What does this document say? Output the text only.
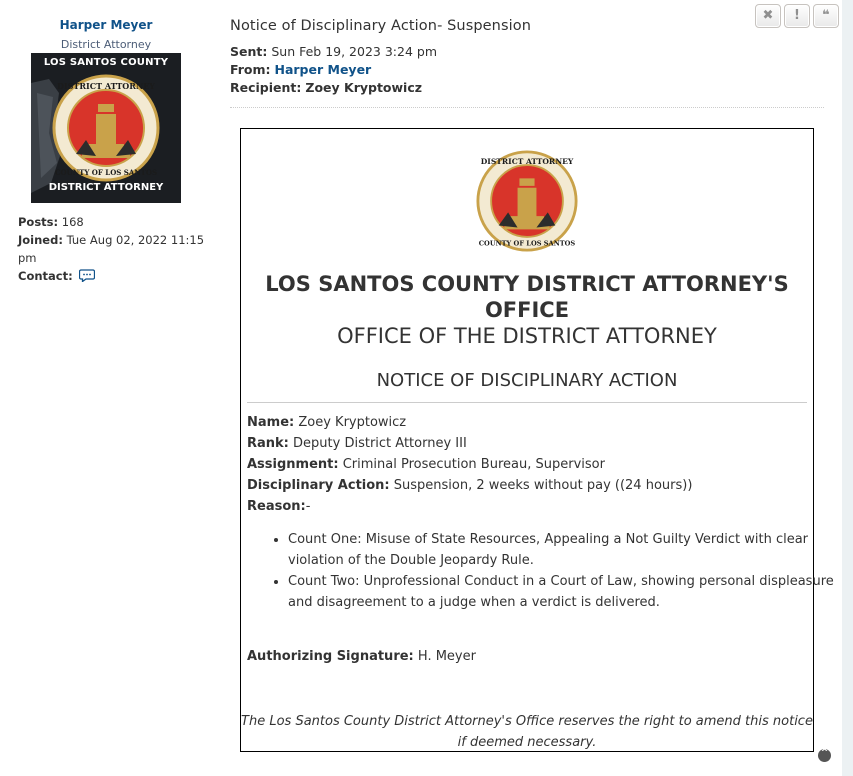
Harper Meyer
District Attorney
LOS SANTOS COUNTY
DISTRICT ATTORNEY
COUNTY OF LOS SANTOS
DISTRICT ATTORNEY
Posts: 168
Joined: Tue Aug 02, 2022 11:15
pm
Contact:
Notice of Disciplinary Action- Suspension
Sent: Sun Feb 19, 2023 3:24 pm
From: Harper Meyer
Recipient: Zoey Kryptowicz
✖	!	❝
DISTRICT ATTORNEY
COUNTY OF LOS SANTOS
LOS SANTOS COUNTY DISTRICT ATTORNEY'S
OFFICE
OFFICE OF THE DISTRICT ATTORNEY
NOTICE OF DISCIPLINARY ACTION
Name: Zoey Kryptowicz
Rank: Deputy District Attorney III
Assignment: Criminal Prosecution Bureau, Supervisor
Disciplinary Action: Suspension, 2 weeks without pay ((24 hours))
Reason:-
• Count One: Misuse of State Resources, Appealing a Not Guilty Verdict with clear violation of the Double Jeopardy Rule.
• Count Two: Unprofessional Conduct in a Court of Law, showing personal displeasure and disagreement to a judge when a verdict is delivered.
Authorizing Signature: H. Meyer
The Los Santos County District Attorney's Office reserves the right to amend this notice if deemed necessary.
^
